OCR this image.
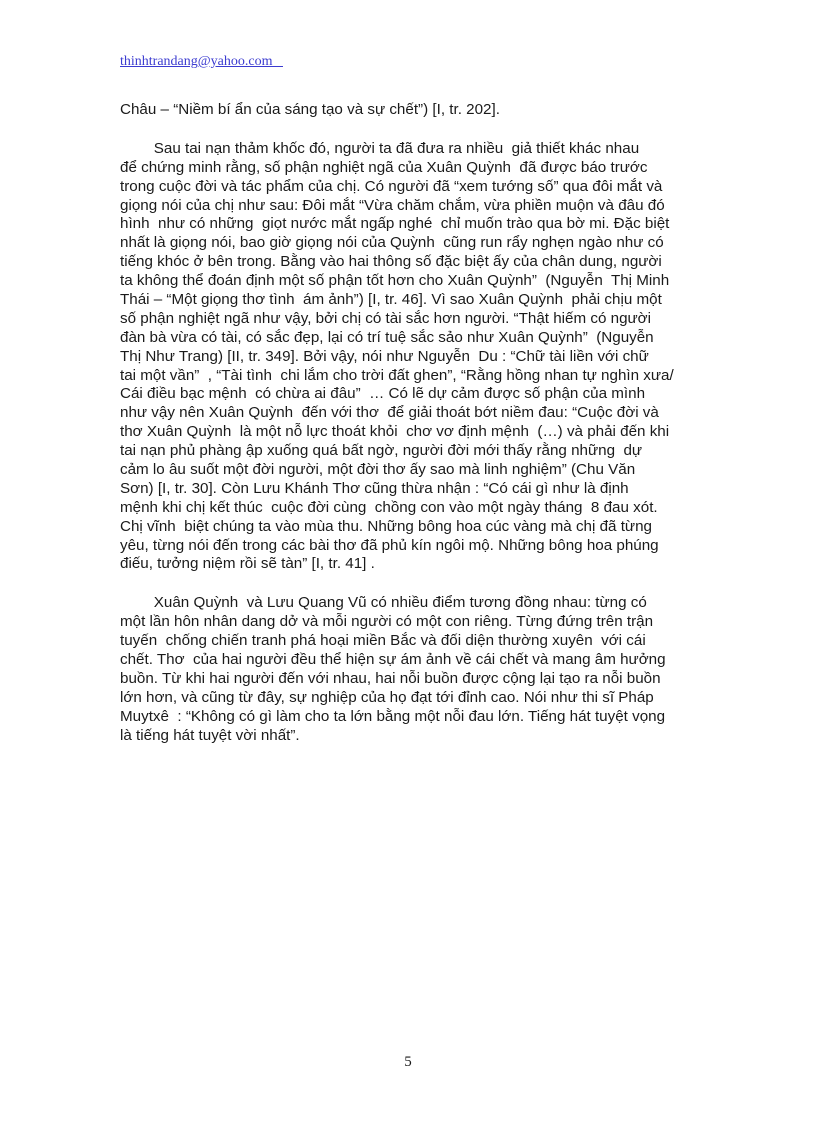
thinhtrandang@yahoo.com
Châu – “Niềm bí ẩn của sáng tạo và sự chết”) [I, tr. 202].
Sau tai nạn thảm khốc đó, người ta đã đưa ra nhiều  giả thiết khác nhau
để chứng minh rằng, số phận nghiệt ngã của Xuân Quỳnh  đã được báo trước
trong cuộc đời và tác phẩm của chị. Có người đã “xem tướng số” qua đôi mắt và
giọng nói của chị như sau: Đôi mắt “Vừa chăm chắm, vừa phiền muộn và đâu đó
hình  như có những  giọt nước mắt ngấp nghé  chỉ muốn trào qua bờ mi. Đặc biệt
nhất là giọng nói, bao giờ giọng nói của Quỳnh  cũng run rẩy nghẹn ngào như có
tiếng khóc ở bên trong. Bằng vào hai thông số đặc biệt ấy của chân dung, người
ta không thể đoán định một số phận tốt hơn cho Xuân Quỳnh”  (Nguyễn  Thị Minh
Thái – “Một giọng thơ tình  ám ảnh”) [I, tr. 46]. Vì sao Xuân Quỳnh  phải chịu một
số phận nghiệt ngã như vậy, bởi chị có tài sắc hơn người. “Thật hiếm có người
đàn bà vừa có tài, có sắc đẹp, lại có trí tuệ sắc sảo như Xuân Quỳnh”  (Nguyễn
Thị Như Trang) [II, tr. 349]. Bởi vậy, nói như Nguyễn  Du : “Chữ tài liền với chữ
tai một vần”  , “Tài tình  chi lắm cho trời đất ghen”, “Rằng hồng nhan tự nghìn xưa/
Cái điều bạc mệnh  có chừa ai đâu”  … Có lẽ dự cảm được số phận của mình
như vậy nên Xuân Quỳnh  đến với thơ  để giải thoát bớt niềm đau: “Cuộc đời và
thơ Xuân Quỳnh  là một nỗ lực thoát khỏi  chơ vơ định mệnh  (…) và phải đến khi
tai nạn phủ phàng ập xuống quá bất ngờ, người đời mới thấy rằng những  dự
cảm lo âu suốt một đời người, một đời thơ ấy sao mà linh nghiệm” (Chu Văn
Sơn) [I, tr. 30]. Còn Lưu Khánh Thơ cũng thừa nhận : “Có cái gì như là định
mệnh khi chị kết thúc  cuộc đời cùng  chồng con vào một ngày tháng  8 đau xót.
Chị vĩnh  biệt chúng ta vào mùa thu. Những bông hoa cúc vàng mà chị đã từng
yêu, từng nói đến trong các bài thơ đã phủ kín ngôi mộ. Những bông hoa phúng
điếu, tưởng niệm rồi sẽ tàn” [I, tr. 41] .
Xuân Quỳnh  và Lưu Quang Vũ có nhiều điểm tương đồng nhau: từng có
một lần hôn nhân dang dở và mỗi người có một con riêng. Từng đứng trên trận
tuyến  chống chiến tranh phá hoại miền Bắc và đối diện thường xuyên  với cái
chết. Thơ  của hai người đều thể hiện sự ám ảnh về cái chết và mang âm hưởng
buồn. Từ khi hai người đến với nhau, hai nỗi buồn được cộng lại tạo ra nỗi buồn
lớn hơn, và cũng từ đây, sự nghiệp của họ đạt tới đỉnh cao. Nói như thi sĩ Pháp
Muytxê  : “Không có gì làm cho ta lớn bằng một nỗi đau lớn. Tiếng hát tuyệt vọng
là tiếng hát tuyệt vời nhất”.
5
